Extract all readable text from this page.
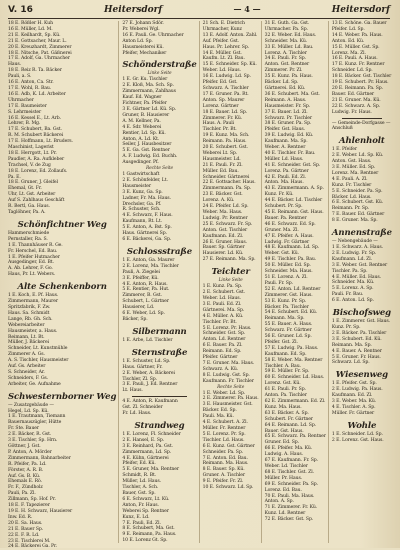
V. 16	Heitersdorf	— 4 —	Heitersdorf
18 E. Rößler H. Kuh
16 E. Müller, Ld. M.
21 E. Keilhardt, Sp. Kü.
21 E. Gottsacher, Maur. L.
20 E. Kreuzhardt, Zimmerer
18 E. Nitsche, Pat. Gäßnerei
17 E. Adolf, Ga. Uhrmacher
Haus.
18 E. Reiz R. Ta. Bäcker
Pauli, a. S.
16 E. Anton, Ca. Str.
17 E. Wohl, R. Bau.
16 E. Adb, K. Ld. Arbeiter
Uhrmacher
17 E. Baumeister
S. Lehrmeister
16 E. Kessel E., Lt. Arb.
Lehrer, B. Mg.
17 E. Schubert, Ba. Gst.
R. M. Schubert Bäckerei
17 E. Hoffmann, Lt. Bruders.
Maschinist, Lagerist
18 E. Herrgott, Lt. Pr.
Paudler, A. Ra. Aufkleber
Trachsel, V. de Zug
18 E. Lorenz, Ed. Zollaufs.
Pa. E.
18 E. Gruner, J. Gleifel
Ehemal, Gt. Fr.
Uhr, Lt. Gst. Arbeiter
Auf S. Zahlhaus Geschäft
R. Bertl, Ga. Haus.
Taglöhner, Pa. A.
Schönfichtner Weg
Hammerschmiede
Pernstaller, Ra. S.
1 E. Thannhäuser R. Ge.
Fr. Herschel, Ed. Bau.
1 E. Pfeifer Hutmacher
Ausgedinger, Ed. Bt.
A. Ab. Lehrer, F. Go.
Haus, Pr. Lt. Webers.
Alte Schenkenborn
1 E. Koch, E. Pf. Haus.
Zimmermann, Maurer
Spritzfabrik, F. Zw.
Haus. Sa. Schmidt
Lange, Rb. Gh. Sch.
Webereiarbeiter
Hausmeister, a. Haus.
Reimann, Lt. Bt.
Müller, J. Bäckerei
Schneider, Lt. Kunstmühle
Zimmerer A. Gs.
A. S. Tischler, Hausmeister
Auf. Gs. Arbeiter
S. Schneider, Ar.
Schneiders, F. Gs.
Arbeiter, Ge. Aufnahme
Schwesternborner Weg
— Zusatzgebäude —
Hegel, Ld. Sp. Kü.
1 E. Trautmann, Tiemann
Bauernauszügler, Hütte
Fr. Ste. Bauer
2 E. Bäcker, R. Gst.
3 E. Tischler, Sp. Hrn.
Göttner, J. Gst.
P. Anton, A. Mörder
Zimmermann, Bahnarbeiter
R. Pfeifer, Pa. Ld.
Förster, A. R. B.
Auf. Gs. B. Kü.
Ehemals E. Rö.
Fr. F., Zündholz
Pauli, Pa. Zl.
Zillmann, Sp. Hof. Pr.
18 E. F. Tapezierer
19 E. H. Schwarz, Hausierer
Inw. Ed. R.
20 E. Sa. Haus.
21 E. Bauer Sp.
22 E. F. R. Ld.
23 E. Tischlerei M.
24 E. Bäckerei Ga. Pr.
27 E. Johann Sdör.
Pr. Weberei Wgl.
16 E. Pauli. Ge. Uhrmacher
Anton Ld. Sp.
Hausmeisterei Kü.
Pfeifer, Mechaniker
Schönderstraße
Linke Seite
1 E. Gr. Ku. Tischler
2 E. Kloß, Ma. Sch. Sp.
Zimmermann, Zahlhaus
Kauf. Ed. Wagner
Fichtner, Pa. Pfeifer
3 E. Gärtner Ld. Kü. Sp.
Gruner, B. Hausierer
A. M. Kellner, Pa.
4 E. Sdr. Weberei
Rentier, Ld. Sp. Kü.
Anton, A. Ld. Kt.
Seiler, J. Hausbesitzer
5 E. Ga. Gst. Rentner
A. F. Ludwig. Ed. Buchh.
Ausgedinger. Pf.
Rechte Seite
1 Gastwirtschaft
2 E. Schönfelder, Lt.
Hausmeister
3 E. Kunz, Ga. Sp.
Ladner, Fr. Ma. Haus.
Drechsler, Ga. Pf.
R. Schuster, Sch.
4 E. Schwarz, F. Haus.
Kaufmann, Rt. Lt.
5 E. Anton, A. Bst. Sp.
Haus. Gärtnerei Sp.
6 E. Bäckerei, Ga. Sp.
Schlossstraße
1 E. Anton, Ga. Maurer
2 E. Lorenz, Ma. Tischler
Pauli, A. Ziegelei
3 E. Pfeiffer, Kü.
4 E. Anton, R. Haus.
5 E. Rentier, Pa. Hut.
Zimmerer, B. Gst.
Schubert, L. Gärtner
Hausierer, Ld.
6 E. Weber, Ld. Sp.
Bäcker, Sp.
Silbermann
1 E. Arbe, Ld. Tischler
Sternstraße
1 E. Schuster, Ld. Sp.
Haus. Gärtner, Fr.
2 E. Weber, A. Bäckerei
Tischler, Zl. Sp.
3 E. Pauli, J. Ed. Rentner
Lt. Haus.
4 E. Anton, R. Kaufmann
Gst. Zl. Schneider
Fr. Ld. Haus.
Strandweg
1 E. Lorenz, Fl. Schneider
2 E. Hansel, E. Sp.
3 E. Reinhard, Pa. Gst.
Zimmermann, Ld. Sp.
4 E. Kühn, Gärtnerei
Pfeifer, Ed. Kü.
5 E. Gruner, Ma. Rentner
Schmidt, R. Bt.
Müller, Ld. Haus.
Tischler, A. Sch.
Bauer, Gst. Sp.
6 E. Schwarz, Lt. Kü.
Anton, Fr. Haus.
Weberei Sp. Rentner
Kunz, E. Ld.
7 E. Pauli, Ed. Zl.
8 E. Schubert, Ma. Gst.
9 E. Reimann, Pa. Haus.
10 E. Lorenz Gt. Sp.
21 Sch. E. Dietrich
Uhrmacher, Kunz
13 E. Adolf. Anton. Zahl.
Auf. Pfeifer. Gst.
Haus. Pr. Lehrer. Sp.
14 E. Müller. Gst.
Kaufm. Lt. Zl. Bau.
15 E. Schneider. Sp. Kü.
Weber. Ld. Haus.
16 E. Ludwig. Ld. Sp.
Pfeifer. Ed. Gst.
Schwarz. A. Tischler
17 E. Gruner. Pa. Rt.
Anton. Sp. Maurer
Lorenz. Gärtner
18 E. Bauer. Ld. Sp.
Zimmerer. Fr. Kü.
Haus. A. Pauli
Tischler. Pr. Bt.
19 E. Kunz. Ma. Sch.
Reimann. Pa. Haus.
20 E. Schubert. Gst.
Weberei Lt. Sp.
Hausmeister. Ld.
21 E. Pauli. Fr. Zl.
Müller. Ed. Bau.
Schneider. Gärtnerei
22 E. Gottsacher. Haus.
Zimmermann. Pa. Sp.
23 E. Bäcker. Gst.
Lorenz. A. Kü.
24 E. Pfeifer. Ld. Sp.
Weber. Ma. Haus.
Ludwig. Pr. Rentner
25 E. Schwarz. Fr. Sp.
Anton. Gst. Tischler
Kaufmann. Ed. Zl.
26 E. Gruner. Haus.
Bauer. Sp. Gärtner
Hausierer. Ld. Kü.
27 E. Reimann. Ma. Sp.
Teichter
Linke Seite
1 E. Kunz. Pa. Sp.
2 E. Schubert. Gst.
Weber. Ld. Haus.
3 E. Pauli. Ed. Zl.
Gärtnerei. Ma. Sp.
4 E. Müller. A. Kü.
Tischler. Fr. Bt.
5 E. Lorenz. Pr. Haus.
Schneider. Gst. Sp.
Anton. Ld. Rentner
6 E. Bauer. Pa. Zl.
Reimann. Ed. Sp.
Pfeifer. Gärtner
7 E. Gruner. Ma. Haus.
Schwarz. A. Kü.
8 E. Ludwig. Gst. Sp.
Kaufmann. Fr. Tischler
Rechte Seite
1 E. Weber. Ld. Sp.
2 E. Zimmerer. Pa. Haus.
3 E. Hausmeister. Gst.
Bäcker. Ed. Sp.
Pauli. Ma. Kü.
4 E. Schubert. A. Zl.
Müller. Fr. Rentner
5 E. Lorenz. Pr. Sp.
Tischler. Ld. Haus.
6 E. Kunz. Gst. Gärtner
Schneider. Pa. Sp.
7 E. Anton. Ed. Bau.
Reimann. Ma. Haus.
8 E. Bauer. Sp. Kü.
Gruner. A. Tischler
9 E. Pfeifer. Fr. Zl.
10 E. Schwarz. Ld. Sp.
31 E. Guth. Ga. Gst.
Uhrmacher. Pa. Sp.
32 E. Weber. Ed. Haus.
Schneider. Ma. Kü.
33 E. Müller. Ld. Bau.
Lorenz. A. Tischler
34 E. Pauli. Fr. Sp.
Anton. Gst. Rentner
Zimmerer. Pr. Zl.
35 E. Kunz. Pa. Haus.
Bäcker. Ld. Sp.
Gärtnerei. Ed. Kü.
36 E. Schubert. Ma. Gst.
Reimann. A. Haus.
Hausmeister. Fr. Sp.
37 E. Bauer. Ld. Zl.
Schwarz. Pr. Tischler
38 E. Gruner. Pa. Sp.
Pfeifer. Gst. Haus.
39 E. Ludwig. Ed. Kü.
Kaufmann. Ma. Sp.
Weber. A. Rentner
40 E. Tischler. Fr. Bau.
Müller. Ld. Haus.
41 E. Schneider. Gst. Sp.
Lorenz. Pa. Gärtner
42 E. Pauli. Ed. Zl.
Anton. Ma. Haus.
43 E. Zimmermann. A. Sp.
Kunz. Fr. Kü.
44 E. Bäcker. Ld. Tischler
Schubert. Pr. Sp.
45 E. Reimann. Gst. Haus.
Bauer. Pa. Rentner
46 E. Schwarz. Ed. Sp.
Gruner. Ma. Zl.
47 E. Pfeifer. A. Haus.
Ludwig. Fr. Gärtner
48 E. Kaufmann. Ld. Sp.
Weber. Gst. Kü.
49 E. Tischler. Pa. Bau.
50 E. Müller. Ed. Sp.
Schneider. Ma. Haus.
51 E. Lorenz. A. Zl.
Pauli. Fr. Sp.
52 E. Anton. Ld. Rentner
Zimmerer. Gst. Haus.
53 E. Kunz. Pr. Sp.
Bäcker. Pa. Tischler
54 E. Schubert. Ed. Kü.
Reimann. Ma. Sp.
55 E. Bauer. A. Haus.
Schwarz. Fr. Gärtner
56 E. Gruner. Ld. Sp.
Pfeifer. Gst. Zl.
57 E. Ludwig. Pa. Haus.
Kaufmann. Ed. Sp.
58 E. Weber. Ma. Rentner
Tischler. A. Bau.
59 E. Müller. Fr. Sp.
60 E. Schneider. Ld. Haus.
Lorenz. Gst. Kü.
61 E. Pauli. Pr. Sp.
Anton. Pa. Tischler
62 E. Zimmermann. Ed. Zl.
Kunz. Ma. Haus.
63 E. Bäcker. A. Sp.
Schubert. Fr. Gärtner
64 E. Reimann. Ld. Sp.
Bauer. Gst. Haus.
65 E. Schwarz. Pa. Rentner
Gruner. Ed. Sp.
66 E. Pfeifer. Ma. Kü.
Ludwig. A. Haus.
67 E. Kaufmann. Fr. Sp.
Weber. Ld. Tischler
68 E. Tischler. Gst. Zl.
Müller. Pr. Haus.
69 E. Schneider. Pa. Sp.
Lorenz. Ed. Bau.
70 E. Pauli. Ma. Haus.
Anton. A. Sp.
71 E. Zimmerer. Fr. Kü.
Kunz. Ld. Rentner
72 E. Bäcker. Gst. Sp.
13 E. Schöne. Ga. Bauer
Pfeifer. Ld. Sp.
14 E. Weber. Pa. Haus.
Anton. Ed. Kü.
15 E. Müller. Gst. Sp.
Lorenz. Ma. Zl.
16 E. Pauli. A. Haus.
17 E. Kunz. Fr. Rentner
Schneider. Ld. Sp.
18 E. Bäcker. Gst. Tischler
19 E. Schubert. Pr. Haus.
20 E. Reimann. Pa. Sp.
Bauer. Ed. Gärtner
21 E. Gruner. Ma. Kü.
22 E. Schwarz. A. Sp.
Ludwig. Fr. Haus.
— Gemeinde-Dorfgasse —
Anschluß
Ahlenholt
1 E. Pfeifer
2 E. Weber. Ld. Sp. Kü.
Anton. Gst. Haus.
3 E. Müller. Ed. Sp.
Lorenz. Ma. Rentner
4 E. Pauli. A. Zl.
Kunz. Fr. Tischler
5 E. Schneider. Pa. Sp.
Bäcker. Ld. Haus.
6 E. Schubert. Gst. Kü.
Reimann. Pr. Sp.
7 E. Bauer. Ed. Gärtner
8 E. Gruner. Ma. Sp.
Annenstraße
— Nebengebäude —
1 E. Schwarz. A. Haus.
2 E. Ludwig. Fr. Sp.
Kaufmann. Ld. Zl.
3 E. Weber. Gst. Rentner
Tischler. Pa. Sp.
4 E. Müller. Ed. Haus.
Schneider. Ma. Kü.
5 E. Lorenz. A. Sp.
Pauli. Fr. Bau.
6 E. Anton. Ld. Sp.
Bischofsweg
1 E. Zimmerer. Gst. Haus.
Kunz. Pr. Sp.
2 E. Bäcker. Pa. Tischler
3 E. Schubert. Ed. Kü.
Reimann. Ma. Sp.
4 E. Bauer. A. Rentner
5 E. Gruner. Fr. Haus.
Schwarz. Ld. Sp.
Wiesenweg
1 E. Pfeifer. Gst. Sp.
2 E. Ludwig. Pa. Haus.
Kaufmann. Ed. Zl.
3 E. Weber. Ma. Kü.
4 E. Tischler. A. Sp.
Müller. Fr. Gärtner
Wohle
1 E. Schneider. Ld. Sp.
2 E. Lorenz. Gst. Haus.
